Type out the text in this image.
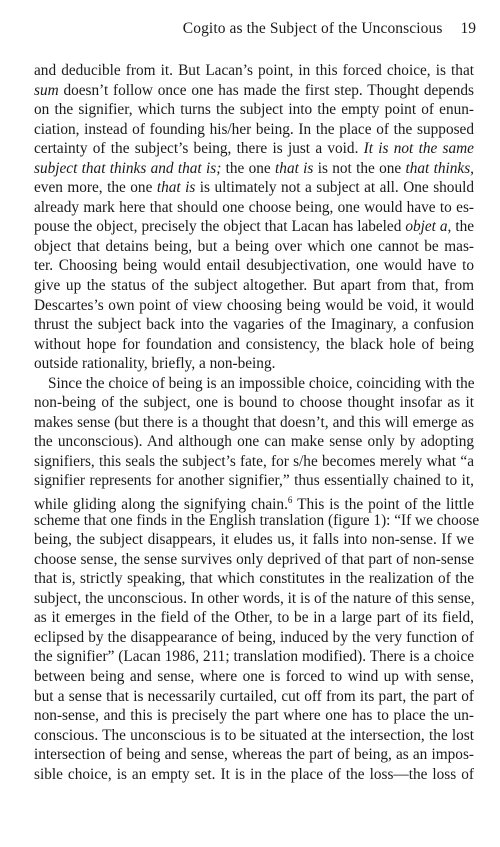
Cogito as the Subject of the Unconscious 19
and deducible from it. But Lacan’s point, in this forced choice, is that
sum doesn’t follow once one has made the first step. Thought depends
on the signifier, which turns the subject into the empty point of enun-
ciation, instead of founding his/her being. In the place of the supposed
certainty of the subject’s being, there is just a void. It is not the same
subject that thinks and that is; the one that is is not the one that thinks,
even more, the one that is is ultimately not a subject at all. One should
already mark here that should one choose being, one would have to es-
pouse the object, precisely the object that Lacan has labeled objet a, the
object that detains being, but a being over which one cannot be mas-
ter. Choosing being would entail desubjectivation, one would have to
give up the status of the subject altogether. But apart from that, from
Descartes’s own point of view choosing being would be void, it would
thrust the subject back into the vagaries of the Imaginary, a confusion
without hope for foundation and consistency, the black hole of being
outside rationality, briefly, a non-being.
Since the choice of being is an impossible choice, coinciding with the
non-being of the subject, one is bound to choose thought insofar as it
makes sense (but there is a thought that doesn’t, and this will emerge as
the unconscious). And although one can make sense only by adopting
signifiers, this seals the subject’s fate, for s/he becomes merely what “a
signifier represents for another signifier,” thus essentially chained to it,
while gliding along the signifying chain.$^6$ This is the point of the little
scheme that one finds in the English translation (figure 1): “If we choose
being, the subject disappears, it eludes us, it falls into non-sense. If we
choose sense, the sense survives only deprived of that part of non-sense
that is, strictly speaking, that which constitutes in the realization of the
subject, the unconscious. In other words, it is of the nature of this sense,
as it emerges in the field of the Other, to be in a large part of its field,
eclipsed by the disappearance of being, induced by the very function of
the signifier” (Lacan 1986, 211; translation modified). There is a choice
between being and sense, where one is forced to wind up with sense,
but a sense that is necessarily curtailed, cut off from its part, the part of
non-sense, and this is precisely the part where one has to place the un-
conscious. The unconscious is to be situated at the intersection, the lost
intersection of being and sense, whereas the part of being, as an impos-
sible choice, is an empty set. It is in the place of the loss—the loss of
